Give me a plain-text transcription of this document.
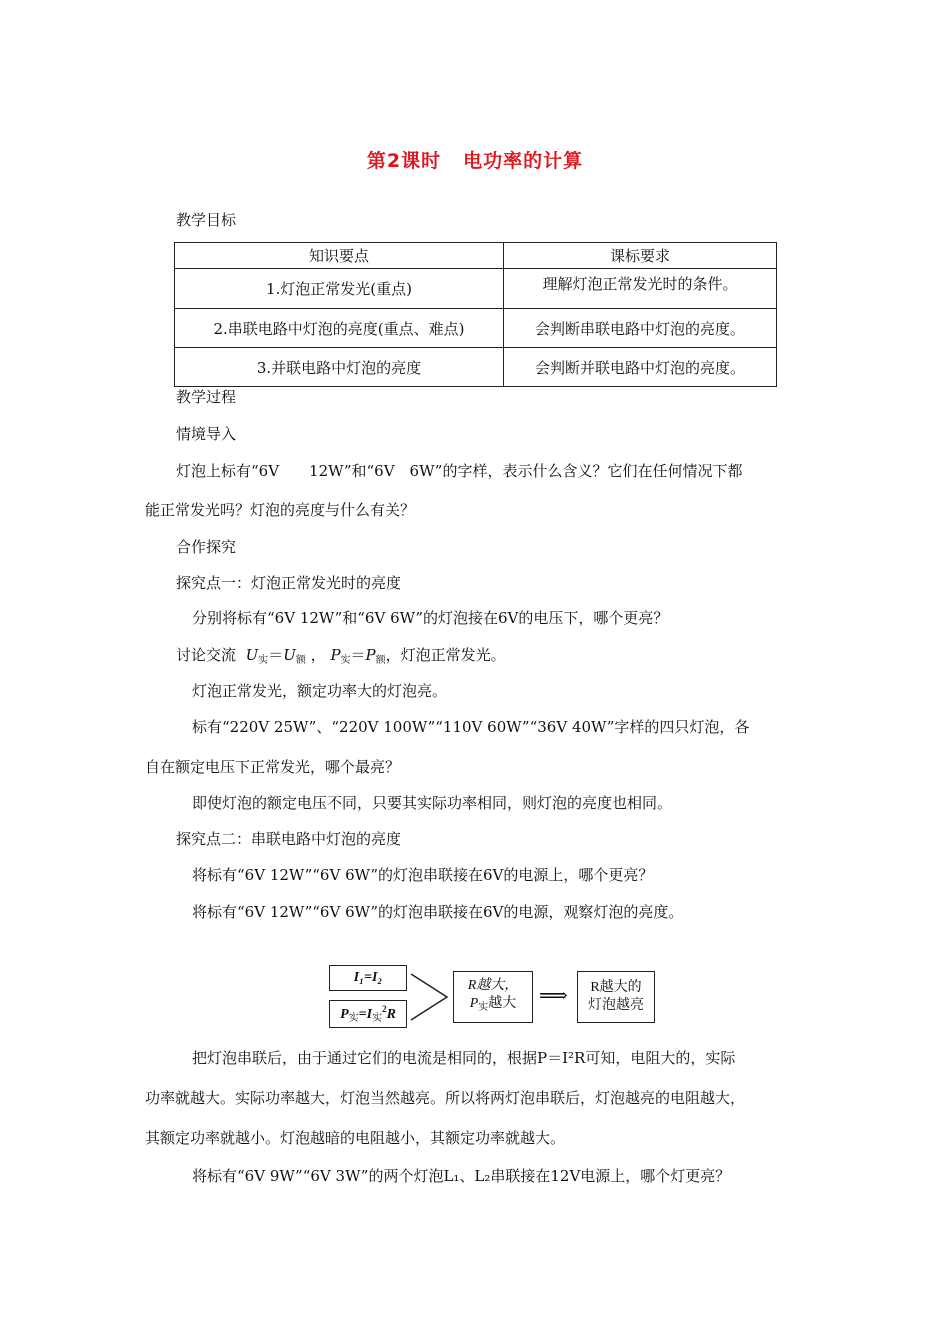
第2课时 电功率的计算
教学目标
知识要点	课标要求
1.灯泡正常发光(重点)	理解灯泡正常发光时的条件。
2.串联电路中灯泡的亮度(重点、难点)	会判断串联电路中灯泡的亮度。
3.并联电路中灯泡的亮度	会判断并联电路中灯泡的亮度。
教学过程
情境导入
灯泡上标有“6V　　12W”和“6V　6W”的字样，表示什么含义？它们在任何情况下都
能正常发光吗？灯泡的亮度与什么有关？
合作探究
探究点一：灯泡正常发光时的亮度
分别将标有“6V 12W”和“6V 6W”的灯泡接在6V的电压下，哪个更亮？
讨论交流 $U_实=U_额$ ， $P_实=P_额$，灯泡正常发光。
灯泡正常发光，额定功率大的灯泡亮。
标有“220V 25W”、“220V 100W”“110V 60W”“36V 40W”字样的四只灯泡，各
自在额定电压下正常发光，哪个最亮？
即使灯泡的额定电压不同，只要其实际功率相同，则灯泡的亮度也相同。
探究点二：串联电路中灯泡的亮度
将标有“6V 12W”“6V 6W”的灯泡串联接在6V的电源上，哪个更亮？
将标有“6V 12W”“6V 6W”的灯泡串联接在6V的电源，观察灯泡的亮度。
I₁=I₂
$P_实=I_实^2R$
R越大，
$P_实$越大 ⟹ R越大的
灯泡越亮
把灯泡串联后，由于通过它们的电流是相同的，根据P＝I²R可知，电阻大的，实际
功率就越大。实际功率越大，灯泡当然越亮。所以将两灯泡串联后，灯泡越亮的电阻越大，
其额定功率就越小。灯泡越暗的电阻越小，其额定功率就越大。
将标有“6V 9W”“6V 3W”的两个灯泡L₁、L₂串联接在12V电源上，哪个灯更亮？
